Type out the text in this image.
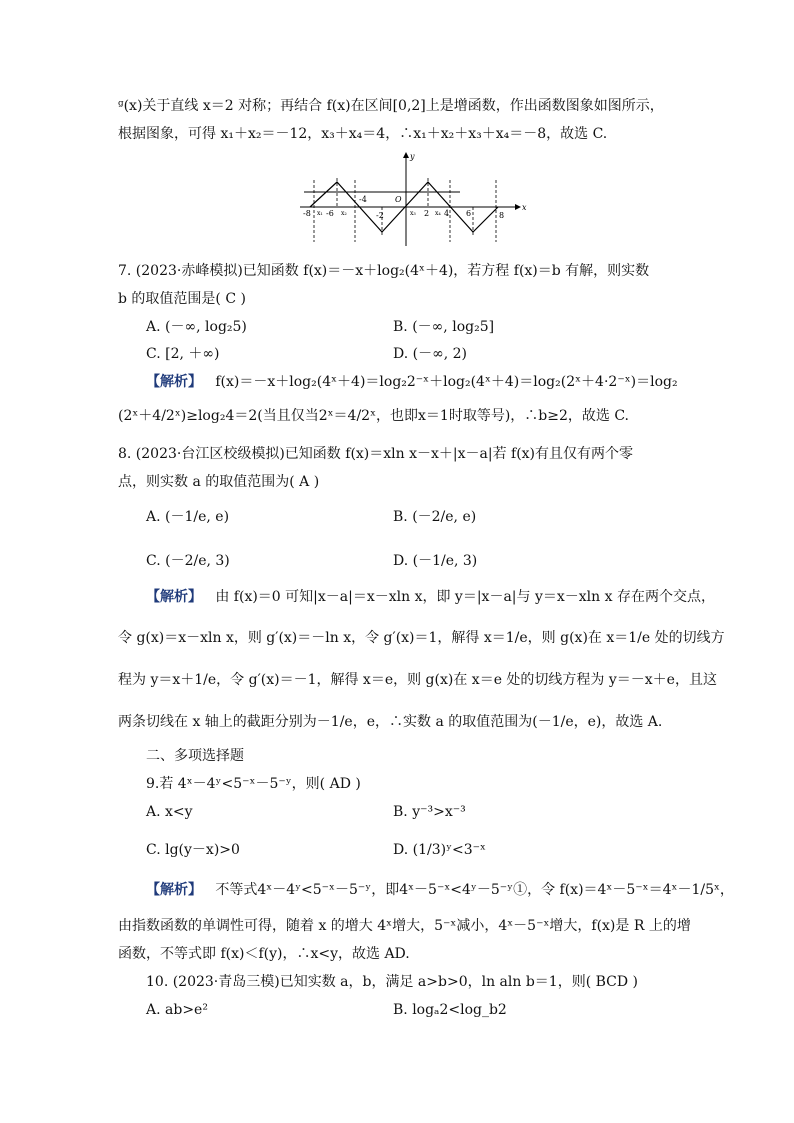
ᵍ(x)关于直线 x＝2 对称；再结合 f(x)在区间[0,2]上是增函数，作出函数图象如图所示，
根据图象，可得 x₁＋x₂＝－12，x₃＋x₄＝4，∴x₁＋x₂＋x₃＋x₄＝－8，故选 C.
-8 x₁ -6 x₂
-4
-2
O
x₃ 2 x₄ 4 6	8
x
y
7. (2023·赤峰模拟)已知函数 f(x)＝－x＋log₂(4ˣ＋4)，若方程 f(x)＝b 有解，则实数
b 的取值范围是( C )
A. (－∞, log₂5)	B. (－∞, log₂5]
C. [2, ＋∞)	D. (－∞, 2)
【解析】 f(x)＝－x＋log₂(4ˣ＋4)＝log₂2⁻ˣ＋log₂(4ˣ＋4)＝log₂(2ˣ＋4·2⁻ˣ)＝log₂
(2ˣ＋4/2ˣ)≥log₂4＝2(当且仅当2ˣ＝4/2ˣ，也即x＝1时取等号)，∴b≥2，故选 C.
8. (2023·台江区校级模拟)已知函数 f(x)＝xln x－x＋|x－a|若 f(x)有且仅有两个零
点，则实数 a 的取值范围为( A )
A. (－1/e, e)	B. (－2/e, e)
C. (－2/e, 3)	D. (－1/e, 3)
【解析】 由 f(x)＝0 可知|x－a|＝x－xln x，即 y＝|x－a|与 y＝x－xln x 存在两个交点，
令 g(x)＝x－xln x，则 g′(x)＝－ln x，令 g′(x)＝1，解得 x＝1/e，则 g(x)在 x＝1/e 处的切线方
程为 y＝x＋1/e，令 g′(x)＝－1，解得 x＝e，则 g(x)在 x＝e 处的切线方程为 y＝－x＋e，且这
两条切线在 x 轴上的截距分别为－1/e，e，∴实数 a 的取值范围为(－1/e，e)，故选 A.
二、多项选择题
9.若 4ˣ－4ʸ<5⁻ˣ－5⁻ʸ，则( AD )
A. x<y	B. y⁻³>x⁻³
C. lg(y－x)>0	D. (1/3)ʸ<3⁻ˣ
【解析】 不等式4ˣ－4ʸ<5⁻ˣ－5⁻ʸ，即4ˣ－5⁻ˣ<4ʸ－5⁻ʸ①，令 f(x)＝4ˣ－5⁻ˣ＝4ˣ－1/5ˣ，
由指数函数的单调性可得，随着 x 的增大 4ˣ增大，5⁻ˣ减小，4ˣ－5⁻ˣ增大，f(x)是 R 上的增
函数，不等式即 f(x)＜f(y)，∴x<y，故选 AD.
10. (2023·青岛三模)已知实数 a，b，满足 a>b>0，ln aln b＝1，则( BCD )
A. ab>e²	B. logₐ2<log_b2
